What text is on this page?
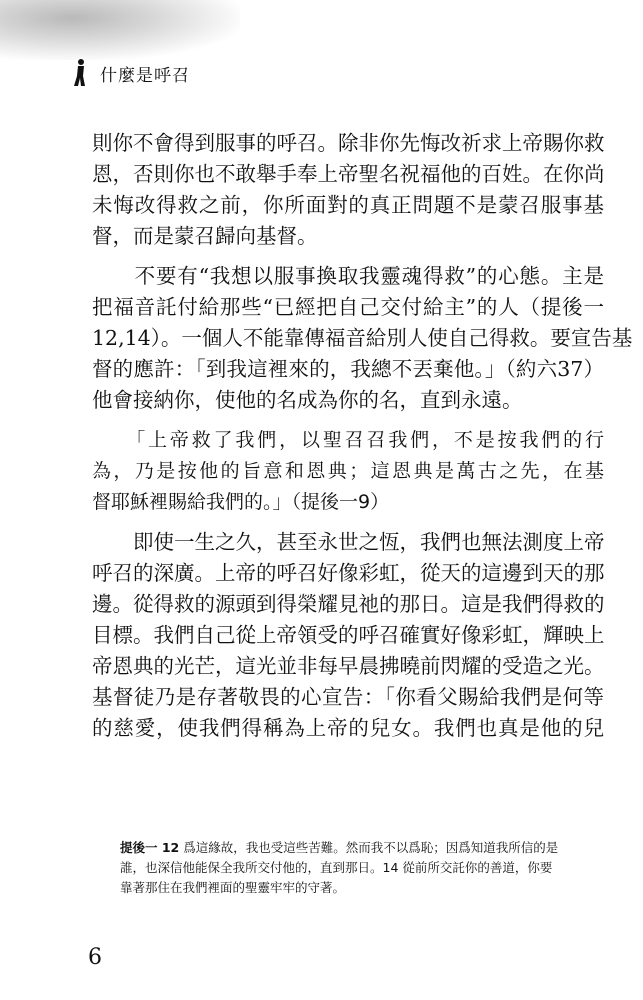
什麼是呼召

則你不會得到服事的呼召。除非你先悔改祈求上帝賜你救

恩，否則你也不敢舉手奉上帝聖名祝福他的百姓。在你尚

未悔改得救之前，你所面對的真正問題不是蒙召服事基

督，而是蒙召歸向基督。

　　不要有“我想以服事換取我靈魂得救”的心態。主是

把福音託付給那些“已經把自己交付給主”的人（提後一

12,14）。一個人不能靠傳福音給別人使自己得救。要宣告基

督的應許：「到我這裡來的，我總不丟棄他。」（約六37）

他會接納你，使他的名成為你的名，直到永遠。

　　「上帝救了我們，以聖召召我們，不是按我們的行

為，乃是按他的旨意和恩典；這恩典是萬古之先，在基

督耶穌裡賜給我們的。」（提後一9）

　　即使一生之久，甚至永世之恆，我們也無法測度上帝

呼召的深廣。上帝的呼召好像彩虹，從天的這邊到天的那

邊。從得救的源頭到得榮耀見祂的那日。這是我們得救的

目標。我們自己從上帝領受的呼召確實好像彩虹，輝映上

帝恩典的光芒，這光並非每早晨拂曉前閃耀的受造之光。

基督徒乃是存著敬畏的心宣告：「你看父賜給我們是何等

的慈愛，使我們得稱為上帝的兒女。我們也真是他的兒

提後一 12 爲這緣故，我也受這些苦難。然而我不以爲恥；因爲知道我所信的是

誰，也深信他能保全我所交付他的，直到那日。14 從前所交託你的善道，你要

靠著那住在我們裡面的聖靈牢牢的守著。

6
